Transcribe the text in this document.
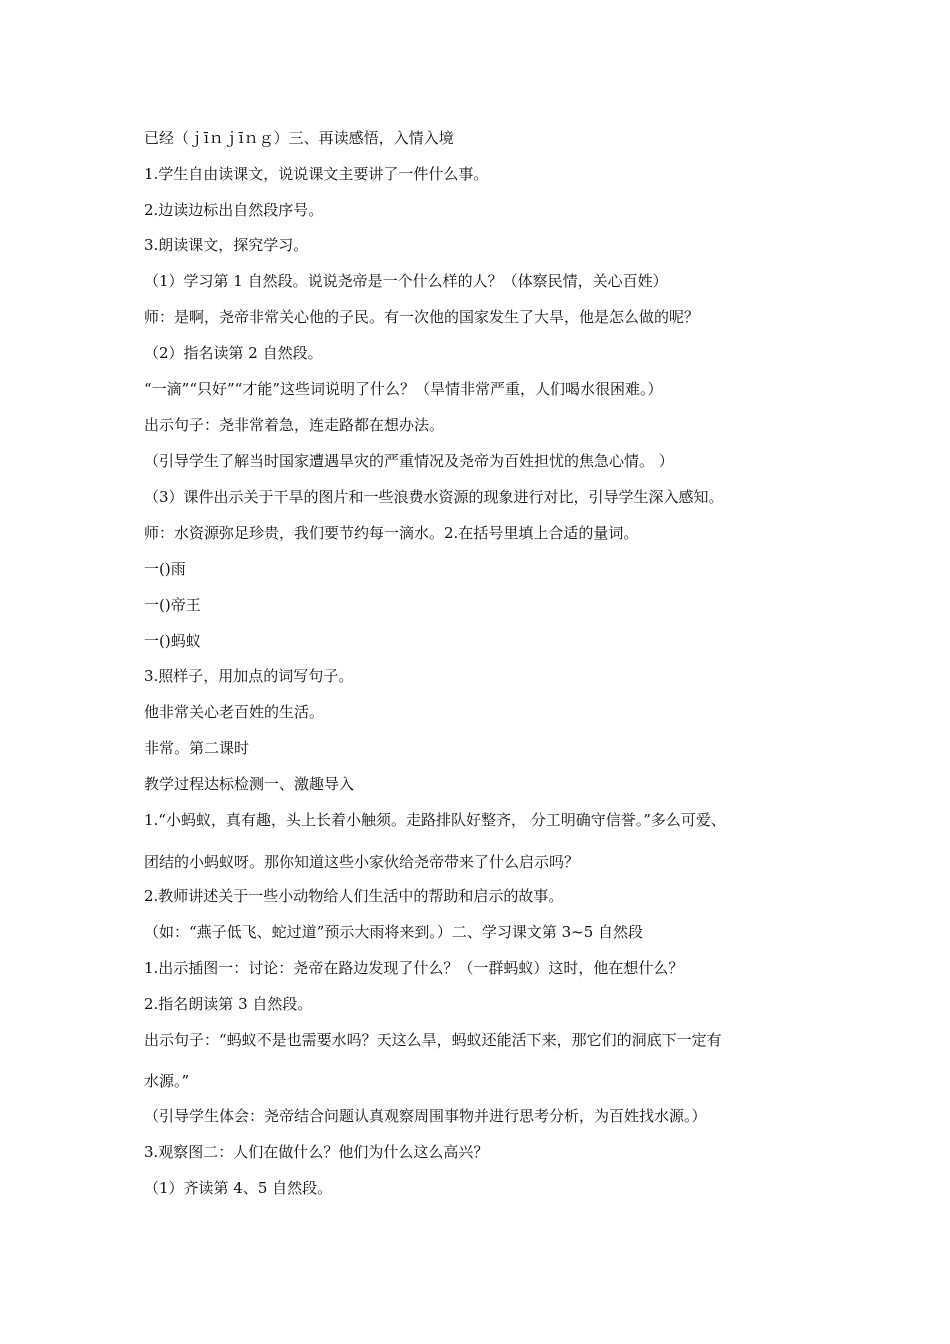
已经（ｊīｎｊīｎｇ）三、再读感悟，入情入境
1.学生自由读课文，说说课文主要讲了一件什么事。
2.边读边标出自然段序号。
3.朗读课文，探究学习。
（1）学习第 1 自然段。说说尧帝是一个什么样的人？（体察民情，关心百姓）
师：是啊，尧帝非常关心他的子民。有一次他的国家发生了大旱，他是怎么做的呢？
（2）指名读第 2 自然段。
“一滴”“只好”“才能”这些词说明了什么？（旱情非常严重，人们喝水很困难。）
出示句子：尧非常着急，连走路都在想办法。
（引导学生了解当时国家遭遇旱灾的严重情况及尧帝为百姓担忧的焦急心情。 ）
（3）课件出示关于干旱的图片和一些浪费水资源的现象进行对比，引导学生深入感知。
师：水资源弥足珍贵，我们要节约每一滴水。2.在括号里填上合适的量词。
一()雨
一()帝王
一()蚂蚁
3.照样子，用加点的词写句子。
他非常关心老百姓的生活。
非常。第二课时
教学过程达标检测一、激趣导入
1.“小蚂蚁，真有趣，头上长着小触须。走路排队好整齐， 分工明确守信誉。”多么可爱、
团结的小蚂蚁呀。那你知道这些小家伙给尧帝带来了什么启示吗？
2.教师讲述关于一些小动物给人们生活中的帮助和启示的故事。
（如：“燕子低飞、蛇过道”预示大雨将来到。）二、学习课文第 3~5 自然段
1.出示插图一：讨论：尧帝在路边发现了什么？（一群蚂蚁）这时，他在想什么？
2.指名朗读第 3 自然段。
出示句子：“蚂蚁不是也需要水吗？天这么旱，蚂蚁还能活下来，那它们的洞底下一定有
水源。”
（引导学生体会：尧帝结合问题认真观察周围事物并进行思考分析，为百姓找水源。）
3.观察图二：人们在做什么？他们为什么这么高兴？
（1）齐读第 4、5 自然段。
